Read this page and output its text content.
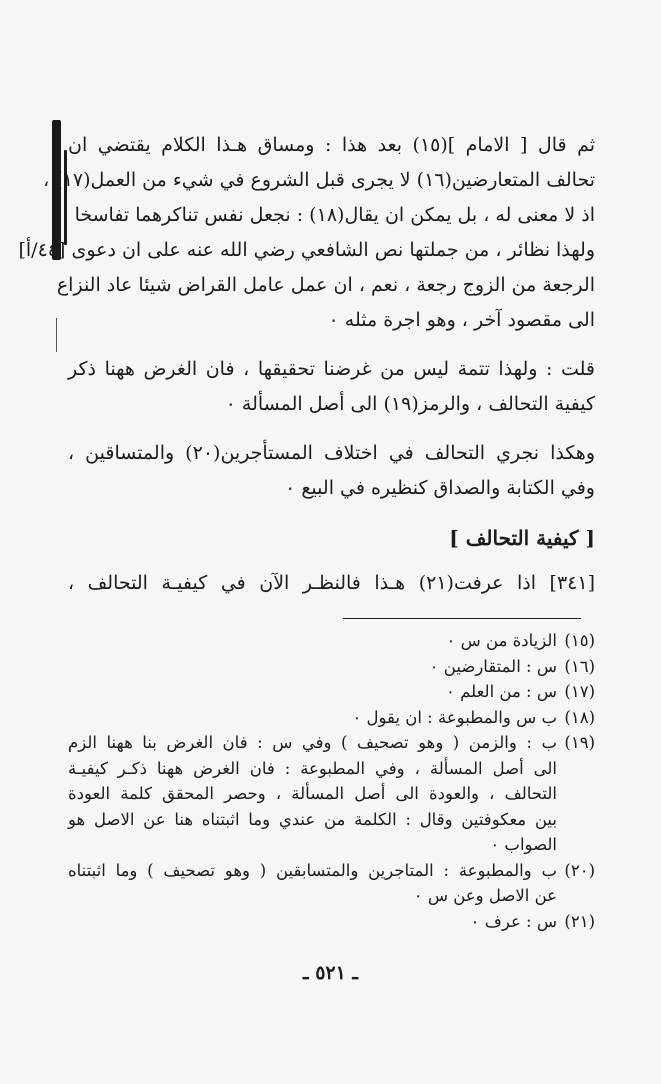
ثم قال [ الامام ](١٥) بعد هذا : ومساق هـذا الكلام يقتضي ان
تحالف المتعارضين(١٦) لا يجرى قبل الشروع في شيء من العمل(١٧) ،
اذ لا معنى له ، بل يمكن ان يقال(١٨) : نجعل نفس تناكرهما تفاسخا ،
ولهذا نظائر ، من جملتها نص الشافعي رضي الله عنه على ان دعوى [٤٤/أ]
الرجعة من الزوج رجعة ، نعم ، ان عمل عامل القراض شيئا عاد النزاع
الى مقصود آخر ، وهو اجرة مثله ٠
قلت : ولهذا تتمة ليس من غرضنا تحقيقها ، فان الغرض ههنا ذكر
كيفية التحالف ، والرمز(١٩) الى أصل المسألة ٠
وهكذا نجري التحالف في اختلاف المستأجرين(٢٠) والمتساقين ،
وفي الكتابة والصداق كنظيره في البيع ٠
[ كيفية التحالف ]
[٣٤١] اذا عرفت(٢١) هـذا فالنظـر الآن في كيفيـة التحالف ،
(١٥)
الزيادة من س ٠
(١٦)
س : المتقارضين ٠
(١٧)
س : من العلم ٠
(١٨)
ب س والمطبوعة : ان يقول ٠
(١٩)
ب : والزمن ( وهو تصحيف ) وفي س : فان الغرض بنا ههنا الزم
الى أصل المسألة ، وفي المطبوعة : فان الغرض ههنا ذكـر كيفيـة
التحالف ، والعودة الى أصل المسألة ، وحصر المحقق كلمة العودة
بين معكوفتين وقال : الكلمة من عندي وما اثبتناه هنا عن الاصل هو
الصواب ٠
(٢٠)
ب والمطبوعة : المتاجرين والمتسابقين ( وهو تصحيف ) وما اثبتناه
عن الاصل وعن س ٠
(٢١)
س : عرف ٠
ـ ٥٢١ ـ
